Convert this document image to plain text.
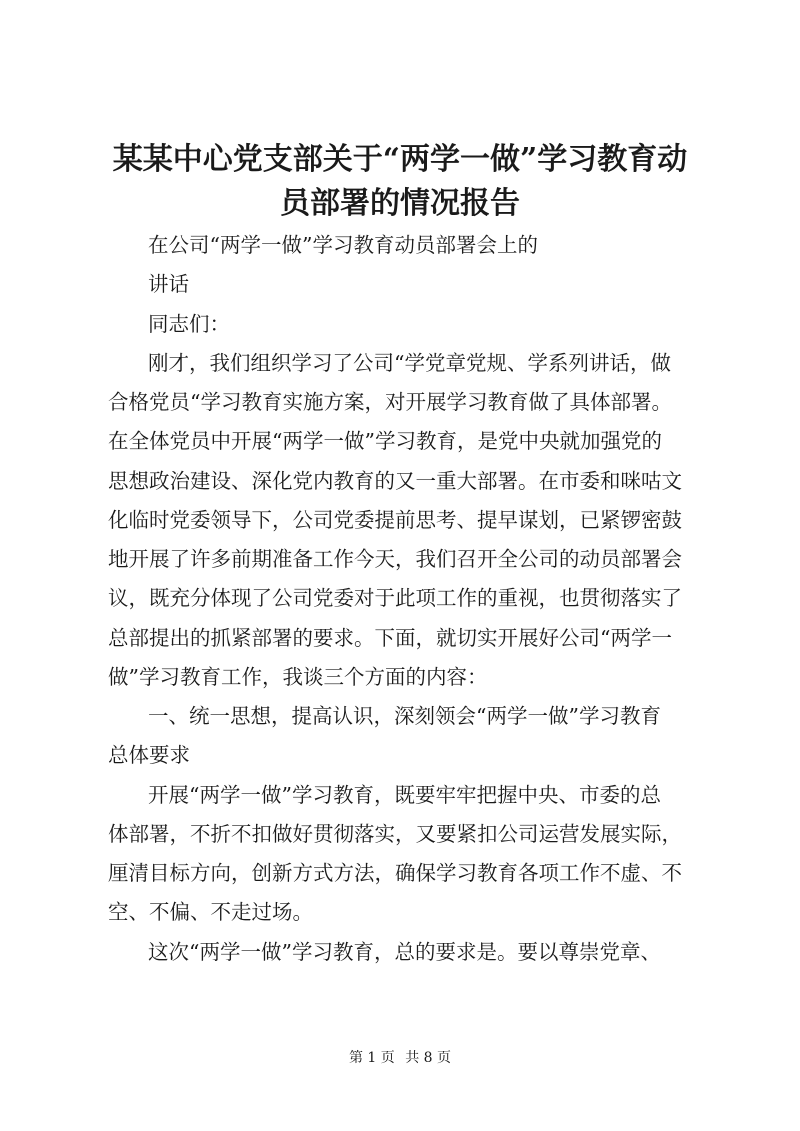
某某中心党支部关于“两学一做”学习教育动
员部署的情况报告
在公司“两学一做”学习教育动员部署会上的
讲话
同志们：
刚才，我们组织学习了公司“学党章党规、学系列讲话，做
合格党员“学习教育实施方案，对开展学习教育做了具体部署。
在全体党员中开展“两学一做”学习教育，是党中央就加强党的
思想政治建设、深化党内教育的又一重大部署。在市委和咪咕文
化临时党委领导下，公司党委提前思考、提早谋划，已紧锣密鼓
地开展了许多前期准备工作今天，我们召开全公司的动员部署会
议，既充分体现了公司党委对于此项工作的重视，也贯彻落实了
总部提出的抓紧部署的要求。下面，就切实开展好公司“两学一
做”学习教育工作，我谈三个方面的内容：
一、统一思想，提高认识，深刻领会“两学一做”学习教育
总体要求
开展“两学一做”学习教育，既要牢牢把握中央、市委的总
体部署，不折不扣做好贯彻落实，又要紧扣公司运营发展实际，
厘清目标方向，创新方式方法，确保学习教育各项工作不虚、不
空、不偏、不走过场。
这次“两学一做”学习教育，总的要求是。要以尊崇党章、
第 1 页 共 8 页
